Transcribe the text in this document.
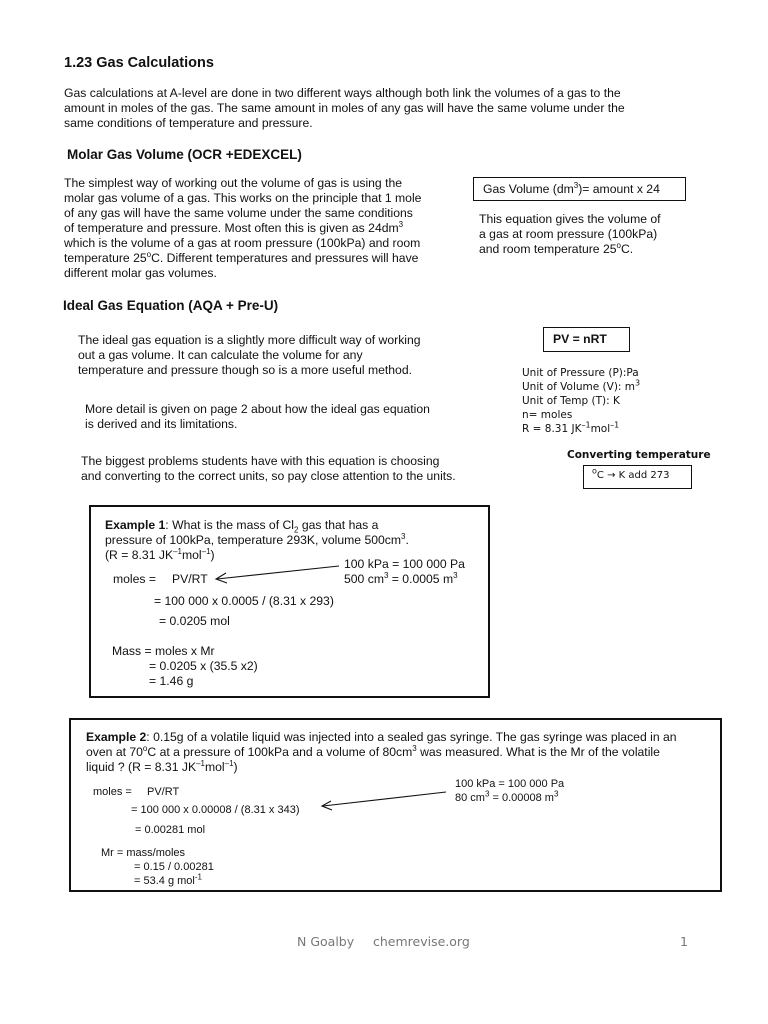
1.23 Gas Calculations
Gas calculations at A-level are done in two different ways although both link the volumes of a gas to the
amount in moles of the gas. The same amount in moles of any gas will have the same volume under the
same conditions of temperature and pressure.
Molar Gas Volume (OCR +EDEXCEL)
The simplest way of working out the volume of gas is using the
molar gas volume of a gas. This works on the principle that 1 mole
of any gas will have the same volume under the same conditions
of temperature and pressure. Most often this is given as $24dm^3$
which is the volume of a gas at room pressure (100kPa) and room
temperature 25$^o$C. Different temperatures and pressures will have
different molar gas volumes.
Gas Volume $(dm^3)=$ amount x 24
This equation gives the volume of
a gas at room pressure (100kPa)
and room temperature 25$^o$C.
Ideal Gas Equation (AQA + Pre-U)
The ideal gas equation is a slightly more difficult way of working
out a gas volume. It can calculate the volume for any
temperature and pressure though so is a more useful method.
More detail is given on page 2 about how the ideal gas equation
is derived and its limitations.
The biggest problems students have with this equation is choosing
and converting to the correct units, so pay close attention to the units.
PV = nRT
Unit of Pressure (P):Pa
Unit of Volume (V): $m^3$
Unit of Temp (T): K
n= moles
R = 8.31 $JK^{-1}mol^{-1}$
Converting temperature
$^o$C → K add 273
Example 1: What is the mass of $Cl_2$ gas that has a
pressure of 100kPa, temperature 293K, volume $500cm^3$.
(R = 8.31 $JK^{-1}mol^{-1}$)
100 kPa = 100 000 Pa
500 $cm^3 = 0.0005$ $m^3$
moles = PV/RT
= 100 000 x 0.0005 / (8.31 x 293)
= 0.0205 mol
Mass = moles x Mr
= 0.0205 x (35.5 x2)
= 1.46 g
Example 2: 0.15g of a volatile liquid was injected into a sealed gas syringe. The gas syringe was placed in an
oven at 70$^o$C at a pressure of 100kPa and a volume of $80cm^3$ was measured. What is the Mr of the volatile
liquid ? (R = 8.31 $JK^{-1}mol^{-1}$)
100 kPa = 100 000 Pa
80 $cm^3 = 0.00008$ $m^3$
moles = PV/RT
= 100 000 x 0.00008 / (8.31 x 343)
= 0.00281 mol
Mr = mass/moles
= 0.15 / 0.00281
= 53.4 g mol$^{-1}$
N Goalby chemrevise.org	1
